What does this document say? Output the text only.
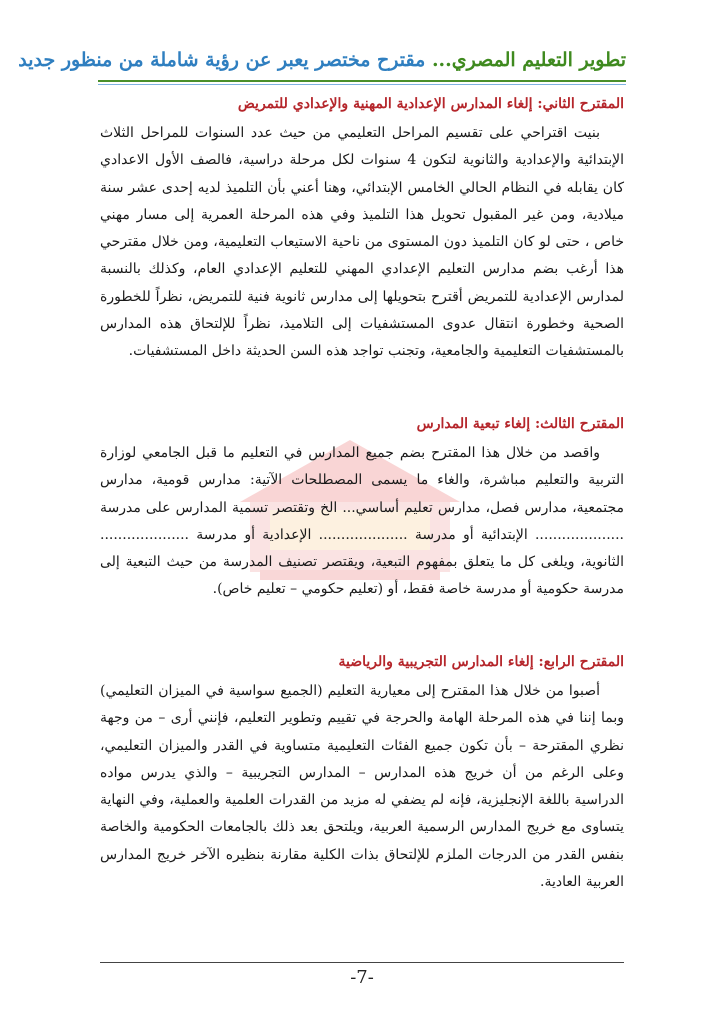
تطوير التعليم المصري... مقترح مختصر يعبر عن رؤية شاملة من منظور جديد

المقترح الثاني: إلغاء المدارس الإعدادية المهنية والإعدادي للتمريض

بنيت اقتراحي على تقسيم المراحل التعليمي من حيث عدد السنوات للمراحل الثلاث الإبتدائية والإعدادية والثانوية لتكون 4 سنوات لكل مرحلة دراسية، فالصف الأول الاعدادي كان يقابله في النظام الحالي الخامس الإبتدائي، وهنا أعني بأن التلميذ لديه إحدى عشر سنة ميلادية، ومن غير المقبول تحويل هذا التلميذ وفي هذه المرحلة العمرية إلى مسار مهني خاص ، حتى لو كان التلميذ دون المستوى من ناحية الاستيعاب التعليمية، ومن خلال مقترحي هذا أرغب بضم مدارس التعليم الإعدادي المهني للتعليم الإعدادي العام، وكذلك بالنسبة لمدارس الإعدادية للتمريض أقترح بتحويلها إلى مدارس ثانوية فنية للتمريض، نظراً للخطورة الصحية وخطورة انتقال عدوى المستشفيات إلى التلاميذ، نظراً للإلتحاق هذه المدارس بالمستشفيات التعليمية والجامعية، وتجنب تواجد هذه السن الحديثة داخل المستشفيات.

المقترح الثالث: إلغاء تبعية المدارس

واقصد من خلال هذا المقترح بضم جميع المدارس في التعليم ما قبل الجامعي لوزارة التربية والتعليم مباشرة، والغاء ما يسمى المصطلحات الآتية: مدارس قومية، مدارس مجتمعية، مدارس فصل، مدارس تعليم أساسي... الخ وتقتصر تسمية المدارس على مدرسة .................... الإبتدائية أو مدرسة .................... الإعدادية أو مدرسة .................... الثانوية، ويلغى كل ما يتعلق بمفهوم التبعية، ويقتصر تصنيف المدرسة من حيث التبعية إلى مدرسة حكومية أو مدرسة خاصة فقط، أو (تعليم حكومي – تعليم خاص).

المقترح الرابع: إلغاء المدارس التجريبية والرياضية

أصبوا من خلال هذا المقترح إلى معيارية التعليم (الجميع سواسية في الميزان التعليمي) وبما إننا في هذه المرحلة الهامة والحرجة في تقييم وتطوير التعليم، فإنني أرى – من وجهة نظري المقترحة – بأن تكون جميع الفئات التعليمية متساوية في القدر والميزان التعليمي، وعلى الرغم من أن خريج هذه المدارس – المدارس التجريبية – والذي يدرس مواده الدراسية باللغة الإنجليزية، فإنه لم يضفي له مزيد من القدرات العلمية والعملية، وفي النهاية يتساوى مع خريج المدارس الرسمية العربية، ويلتحق بعد ذلك بالجامعات الحكومية والخاصة بنفس القدر من الدرجات الملزم للإلتحاق بذات الكلية مقارنة بنظيره الآخر خريج المدارس العربية العادية.

-7-
